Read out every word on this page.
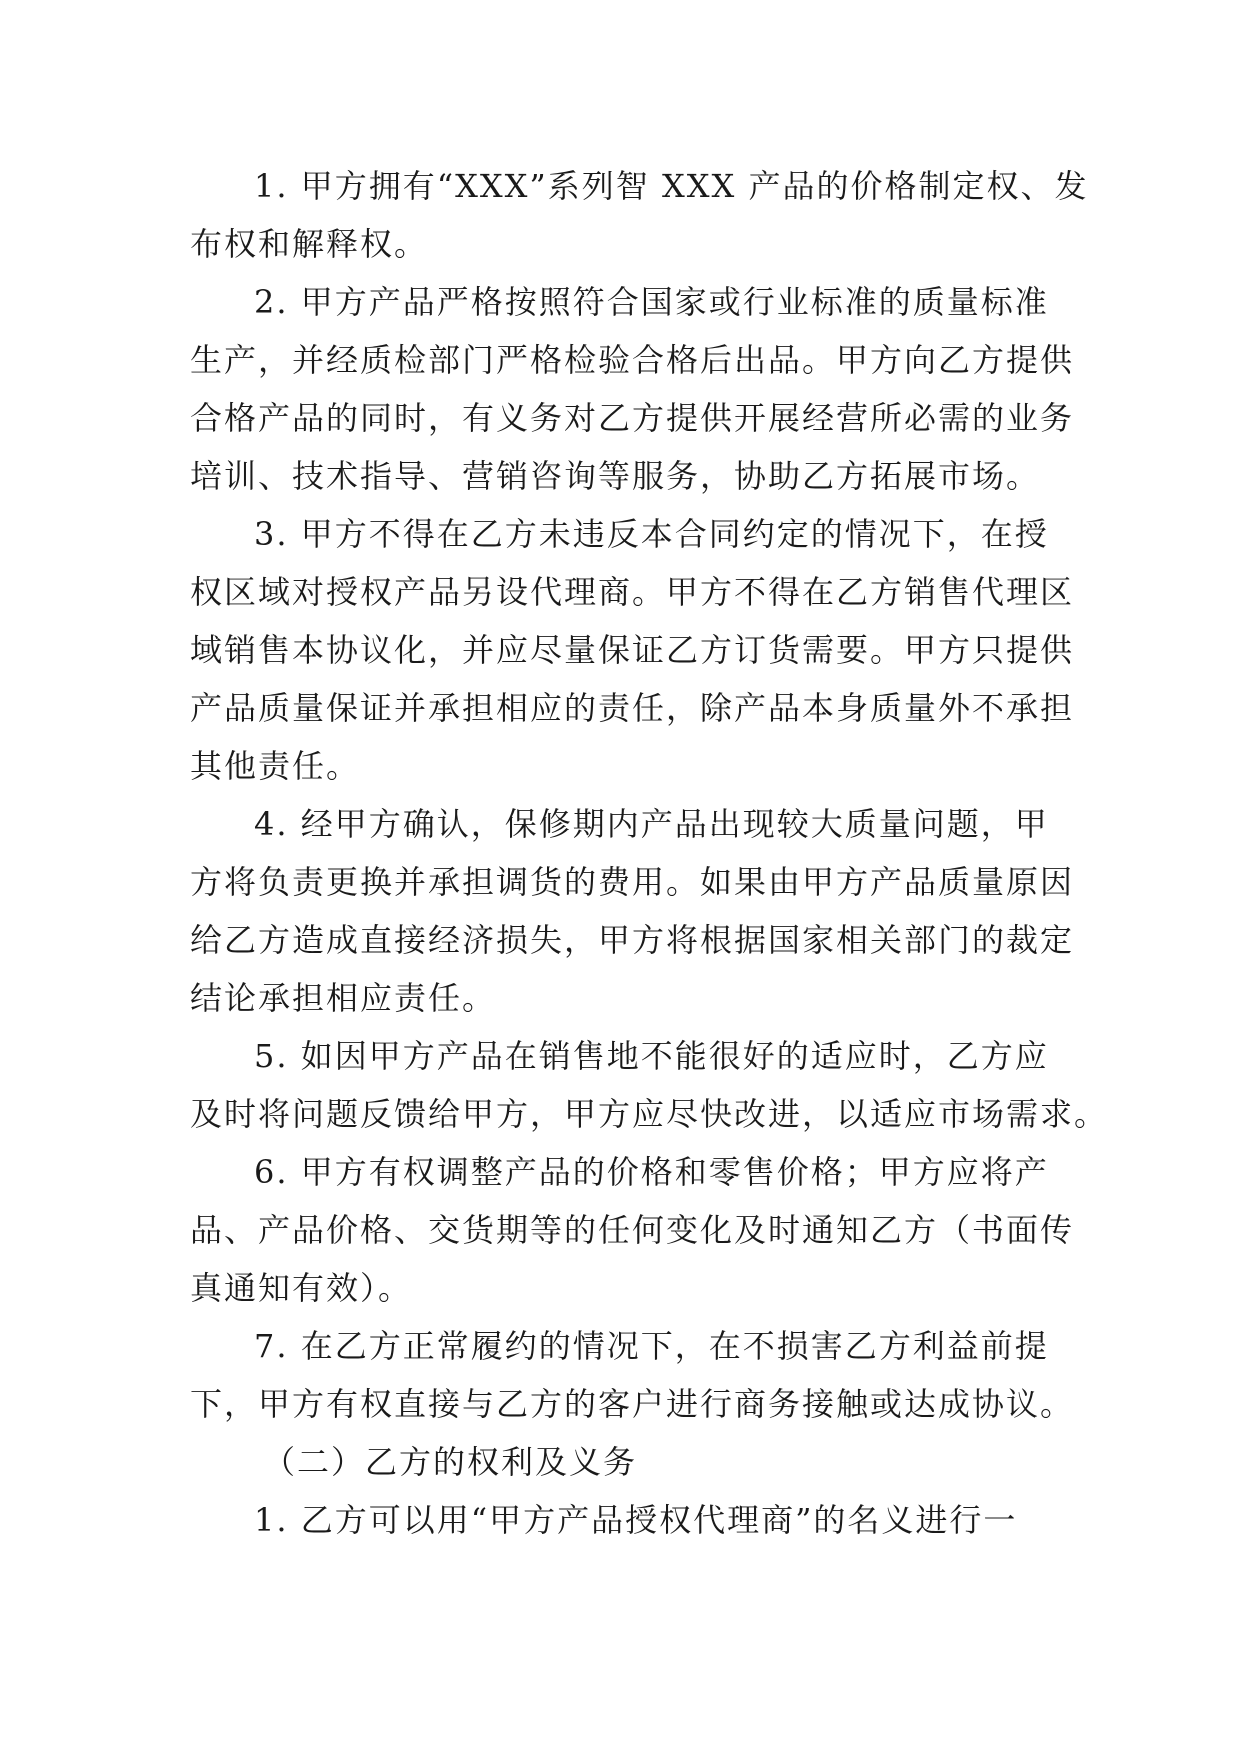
1. 甲方拥有“XXX”系列智 XXX 产品的价格制定权、发
布权和解释权。
2. 甲方产品严格按照符合国家或行业标准的质量标准
生产，并经质检部门严格检验合格后出品。甲方向乙方提供
合格产品的同时，有义务对乙方提供开展经营所必需的业务
培训、技术指导、营销咨询等服务，协助乙方拓展市场。
3. 甲方不得在乙方未违反本合同约定的情况下，在授
权区域对授权产品另设代理商。甲方不得在乙方销售代理区
域销售本协议化，并应尽量保证乙方订货需要。甲方只提供
产品质量保证并承担相应的责任，除产品本身质量外不承担
其他责任。
4. 经甲方确认，保修期内产品出现较大质量问题，甲
方将负责更换并承担调货的费用。如果由甲方产品质量原因
给乙方造成直接经济损失，甲方将根据国家相关部门的裁定
结论承担相应责任。
5. 如因甲方产品在销售地不能很好的适应时，乙方应
及时将问题反馈给甲方，甲方应尽快改进，以适应市场需求。
6. 甲方有权调整产品的价格和零售价格；甲方应将产
品、产品价格、交货期等的任何变化及时通知乙方（书面传
真通知有效）。
7. 在乙方正常履约的情况下，在不损害乙方利益前提
下，甲方有权直接与乙方的客户进行商务接触或达成协议。
（二）乙方的权利及义务
1. 乙方可以用“甲方产品授权代理商”的名义进行一
